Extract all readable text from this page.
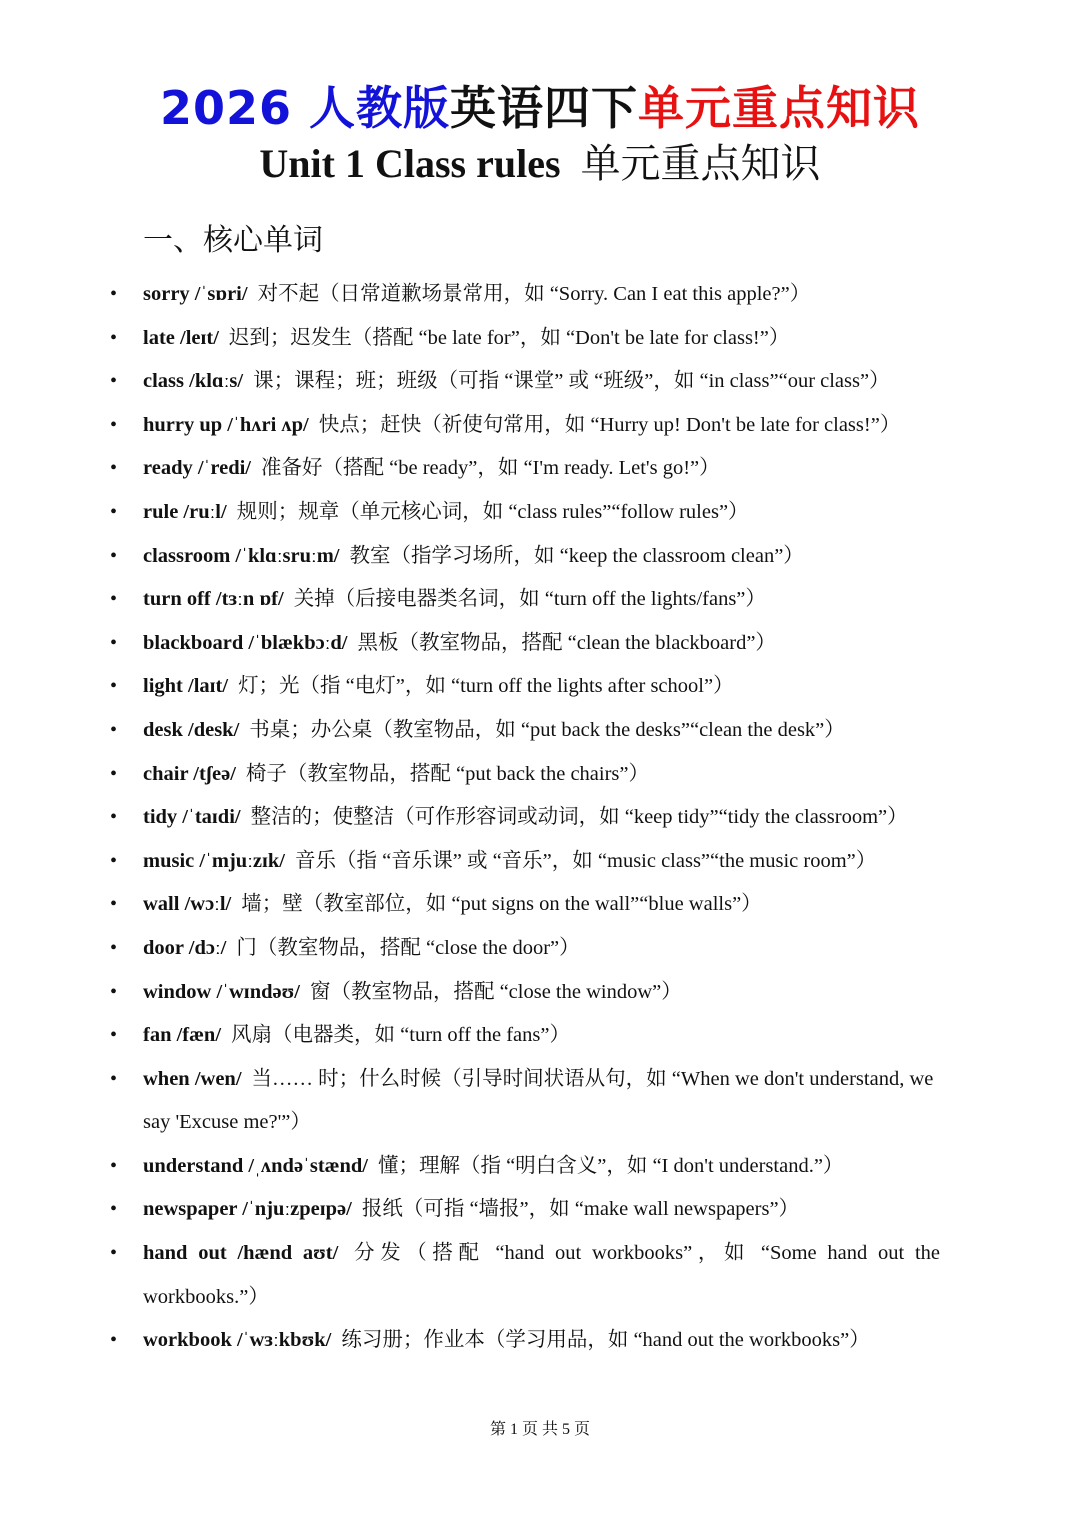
2026 人教版英语四下单元重点知识
Unit 1 Class rules 单元重点知识
一、核心单词
• sorry /ˈsɒri/ 对不起（日常道歉场景常用，如 “Sorry. Can I eat this apple?”）
• late /leɪt/ 迟到；迟发生（搭配 “be late for”，如 “Don't be late for class!”）
• class /klɑːs/ 课；课程；班；班级（可指 “课堂” 或 “班级”，如 “in class”“our class”）
• hurry up /ˈhʌri ʌp/ 快点；赶快（祈使句常用，如 “Hurry up! Don't be late for class!”）
• ready /ˈredi/ 准备好（搭配 “be ready”，如 “I'm ready. Let's go!”）
• rule /ruːl/ 规则；规章（单元核心词，如 “class rules”“follow rules”）
• classroom /ˈklɑːsruːm/ 教室（指学习场所，如 “keep the classroom clean”）
• turn off /tɜːn ɒf/ 关掉（后接电器类名词，如 “turn off the lights/fans”）
• blackboard /ˈblækbɔːd/ 黑板（教室物品，搭配 “clean the blackboard”）
• light /laɪt/ 灯；光（指 “电灯”，如 “turn off the lights after school”）
• desk /desk/ 书桌；办公桌（教室物品，如 “put back the desks”“clean the desk”）
• chair /tʃeə/ 椅子（教室物品，搭配 “put back the chairs”）
• tidy /ˈtaɪdi/ 整洁的；使整洁（可作形容词或动词，如 “keep tidy”“tidy the classroom”）
• music /ˈmjuːzɪk/ 音乐（指 “音乐课” 或 “音乐”，如 “music class”“the music room”）
• wall /wɔːl/ 墙；壁（教室部位，如 “put signs on the wall”“blue walls”）
• door /dɔː/ 门（教室物品，搭配 “close the door”）
• window /ˈwɪndəʊ/ 窗（教室物品，搭配 “close the window”）
• fan /fæn/ 风扇（电器类，如 “turn off the fans”）
• when /wen/ 当…… 时；什么时候（引导时间状语从句，如 “When we don't understand, we say 'Excuse me?'”）
• understand /ˌʌndəˈstænd/ 懂；理解（指 “明白含义”，如 “I don't understand.”）
• newspaper /ˈnjuːzpeɪpə/ 报纸（可指 “墙报”，如 “make wall newspapers”）
• hand out /hænd aʊt/ 分发（搭配 “hand out workbooks”，如 “Some hand out the workbooks.”）
• workbook /ˈwɜːkbʊk/ 练习册；作业本（学习用品，如 “hand out the workbooks”）
第 1 页 共 5 页
